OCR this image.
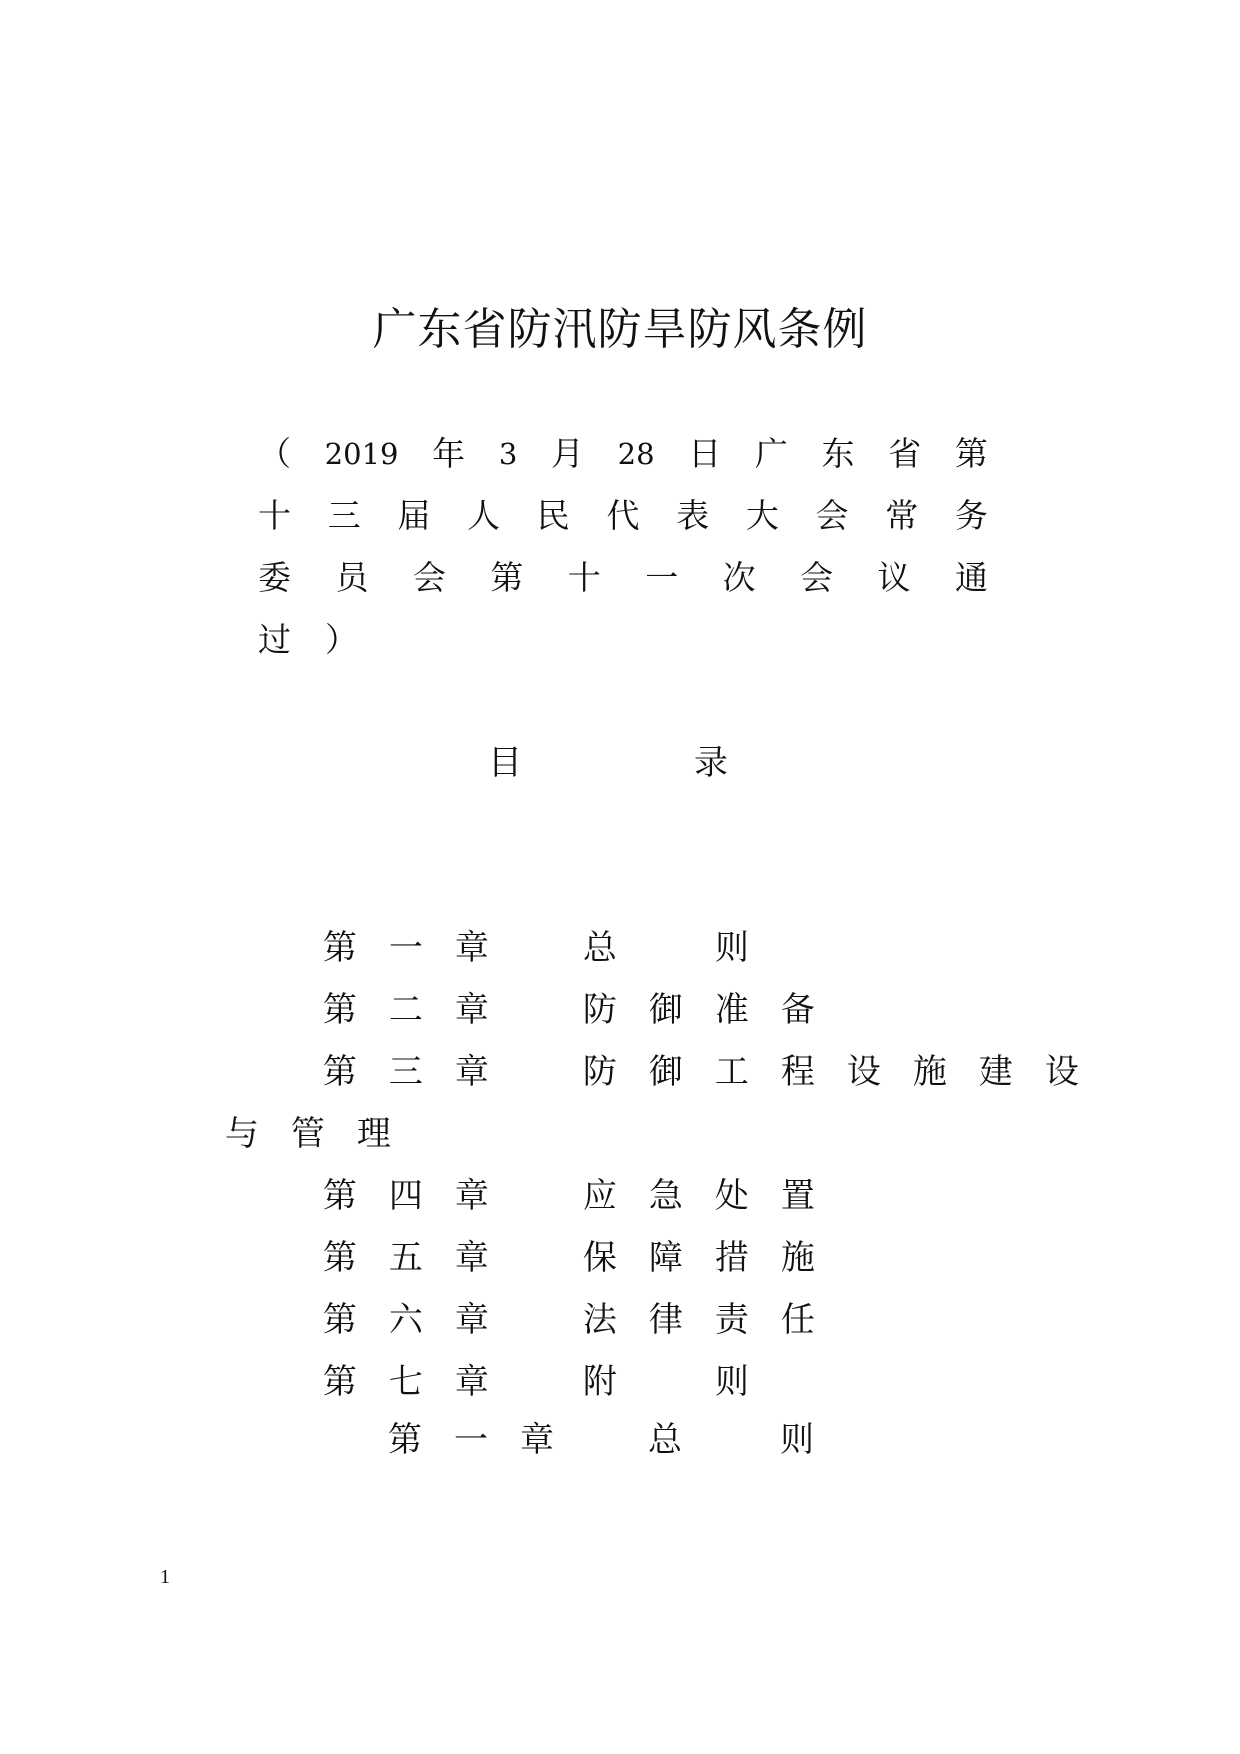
广东省防汛防旱防风条例
（ 2019 年 3 月 28 日 广 东 省 第
十 三 届 人 民 代 表 大 会 常 务
委 员 会 第 十 一 次 会 议 通
过 ）
目	录

第一章 总　则

第二章 防御准备

第三章 防御工程设施建设

与管理

第四章 应急处置

第五章 保障措施

第六章 法律责任

第七章 附　则

第一章 总　则
1
